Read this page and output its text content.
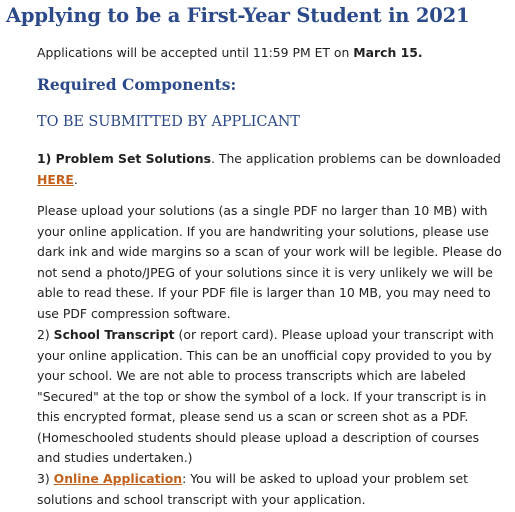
Applying to be a First-Year Student in 2021
Applications will be accepted until 11:59 PM ET on March 15.
Required Components:
TO BE SUBMITTED BY APPLICANT

1) Problem Set Solutions. The application problems can be downloaded HERE.

Please upload your solutions (as a single PDF no larger than 10 MB) with your online application. If you are handwriting your solutions, please use dark ink and wide margins so a scan of your work will be legible. Please do not send a photo/JPEG of your solutions since it is very unlikely we will be able to read these. If your PDF file is larger than 10 MB, you may need to use PDF compression software.

2) School Transcript (or report card). Please upload your transcript with your online application. This can be an unofficial copy provided to you by your school. We are not able to process transcripts which are labeled "Secured" at the top or show the symbol of a lock. If your transcript is in this encrypted format, please send us a scan or screen shot as a PDF. (Homeschooled students should please upload a description of courses and studies undertaken.)

3) Online Application: You will be asked to upload your problem set solutions and school transcript with your application.
